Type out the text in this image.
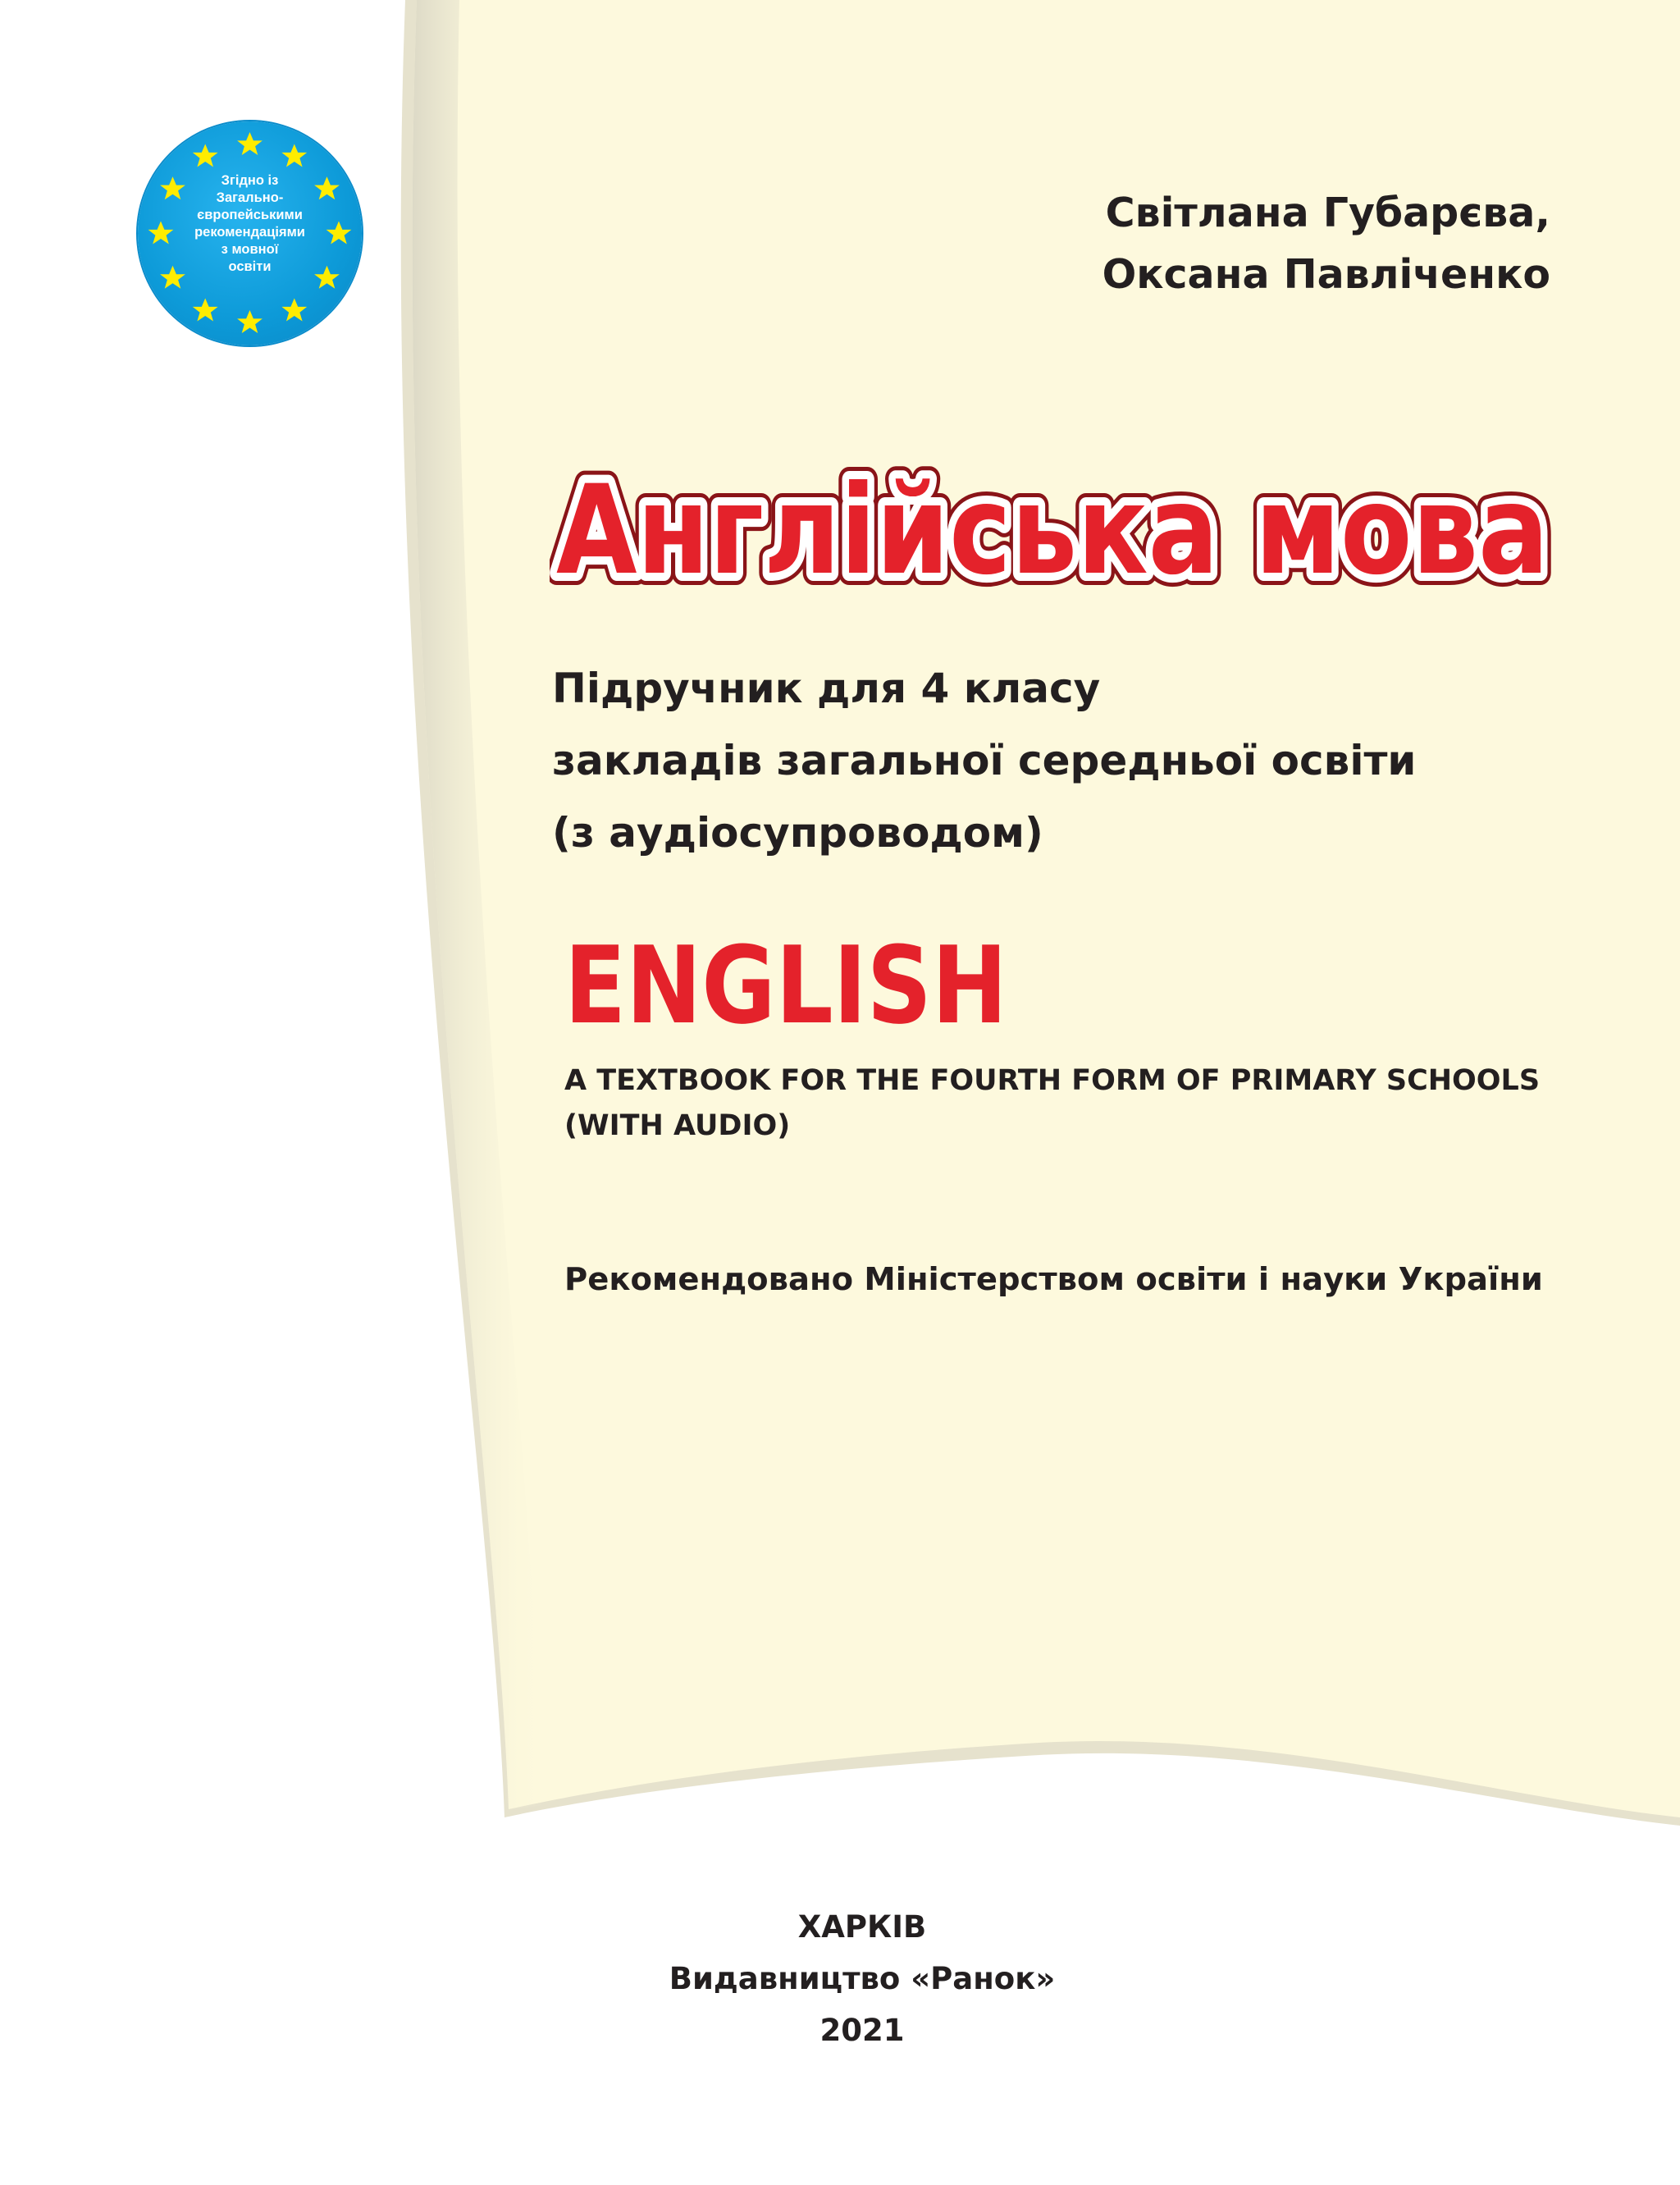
Згідно із
Загально-
європейськими
рекомендаціями
з мовної
освіти
Світлана Губарєва,
Оксана Павліченко
Англійська мова
Англійська мова
Англійська мова
Підручник для 4 класу
закладів загальної середньої освіти
(з аудіосупроводом)
ENGLISH
A TEXTBOOK FOR THE FOURTH FORM OF PRIMARY SCHOOLS
(WITH AUDIO)
Рекомендовано Міністерством освіти і науки України
ХАРКІВ
Видавництво «Ранок»
2021
